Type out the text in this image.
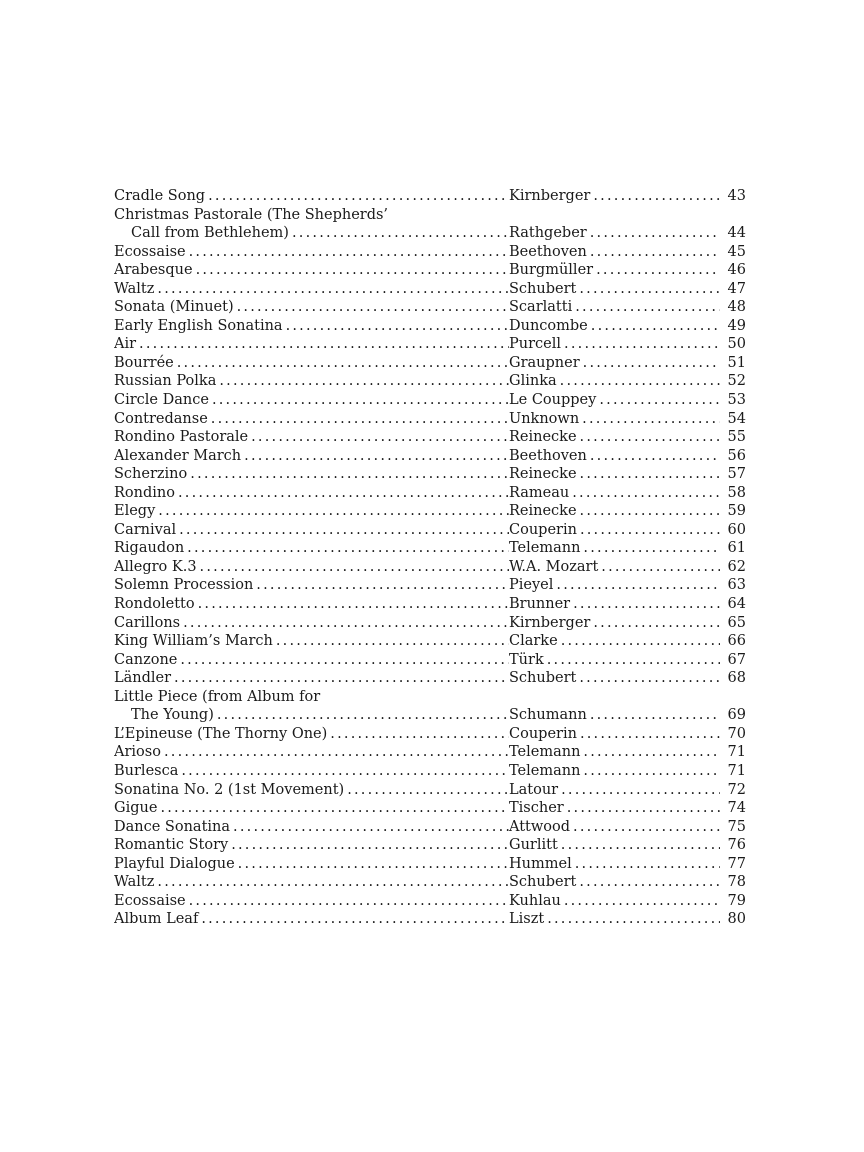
Cradle Song .....	Kirnberger .....	43
Christmas Pastorale (The Shepherds’
Call from Bethlehem) .....	Rathgeber .....	44
Ecossaise .....	Beethoven .....	45
Arabesque .....	Burgmüller .....	46
Waltz .....	Schubert .....	47
Sonata (Minuet) .....	Scarlatti .....	48
Early English Sonatina .....	Duncombe .....	49
Air .....	Purcell .....	50
Bourrée .....	Graupner .....	51
Russian Polka .....	Glinka .....	52
Circle Dance .....	Le Couppey .....	53
Contredanse .....	Unknown .....	54
Rondino Pastorale .....	Reinecke .....	55
Alexander March .....	Beethoven .....	56
Scherzino .....	Reinecke .....	57
Rondino .....	Rameau .....	58
Elegy .....	Reinecke .....	59
Carnival .....	Couperin .....	60
Rigaudon .....	Telemann .....	61
Allegro K.3 .....	W.A. Mozart .....	62
Solemn Procession .....	Pieyel .....	63
Rondoletto .....	Brunner .....	64
Carillons .....	Kirnberger .....	65
King William’s March .....	Clarke .....	66
Canzone .....	Türk .....	67
Ländler .....	Schubert .....	68
Little Piece (from Album for
The Young) .....	Schumann .....	69
L’Epineuse (The Thorny One) .....	Couperin .....	70
Arioso .....	Telemann .....	71
Burlesca .....	Telemann .....	71
Sonatina No. 2 (1st Movement) .....	Latour .....	72
Gigue .....	Tischer .....	74
Dance Sonatina .....	Attwood .....	75
Romantic Story .....	Gurlitt .....	76
Playful Dialogue .....	Hummel .....	77
Waltz .....	Schubert .....	78
Ecossaise .....	Kuhlau .....	79
Album Leaf .....	Liszt .....	80
